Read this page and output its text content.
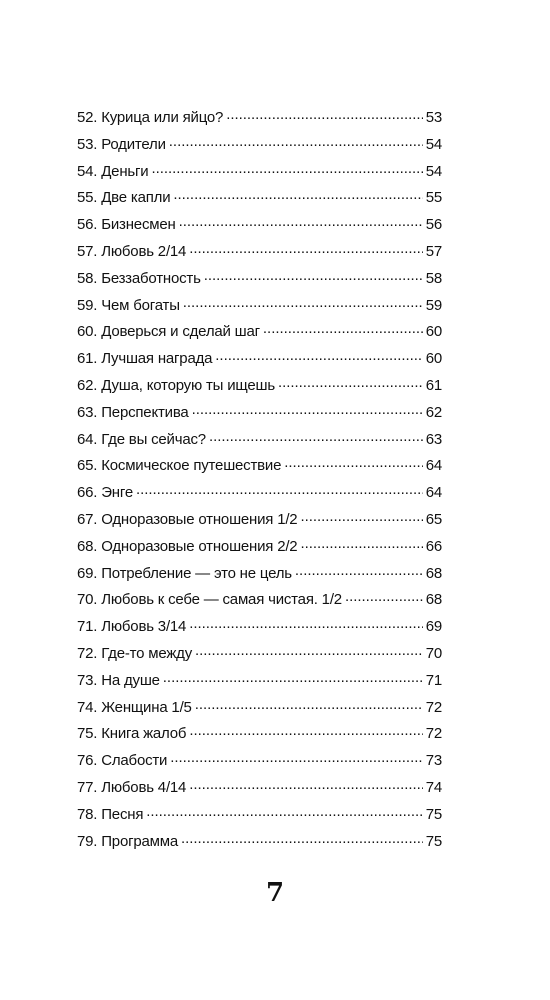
52. Курица или яйцо? . . .	53
53. Родители . . .	54
54. Деньги . . .	54
55. Две капли . . .	55
56. Бизнесмен . . .	56
57. Любовь 2/14 . . .	57
58. Беззаботность . . .	58
59. Чем богаты . . .	59
60. Доверься и сделай шаг . . .	60
61. Лучшая награда . . .	60
62. Душа, которую ты ищешь . . .	61
63. Перспектива . . .	62
64. Где вы сейчас? . . .	63
65. Космическое путешествие . . .	64
66. Энге . . .	64
67. Одноразовые отношения 1/2 . . .	65
68. Одноразовые отношения 2/2 . . .	66
69. Потребление — это не цель . . .	68
70. Любовь к себе — самая чистая. 1/2 . . .	68
71. Любовь 3/14 . . .	69
72. Где-то между . . .	70
73. На душе . . .	71
74. Женщина 1/5 . . .	72
75. Книга жалоб . . .	72
76. Слабости . . .	73
77. Любовь 4/14 . . .	74
78. Песня . . .	75
79. Программа . . .	75
7
